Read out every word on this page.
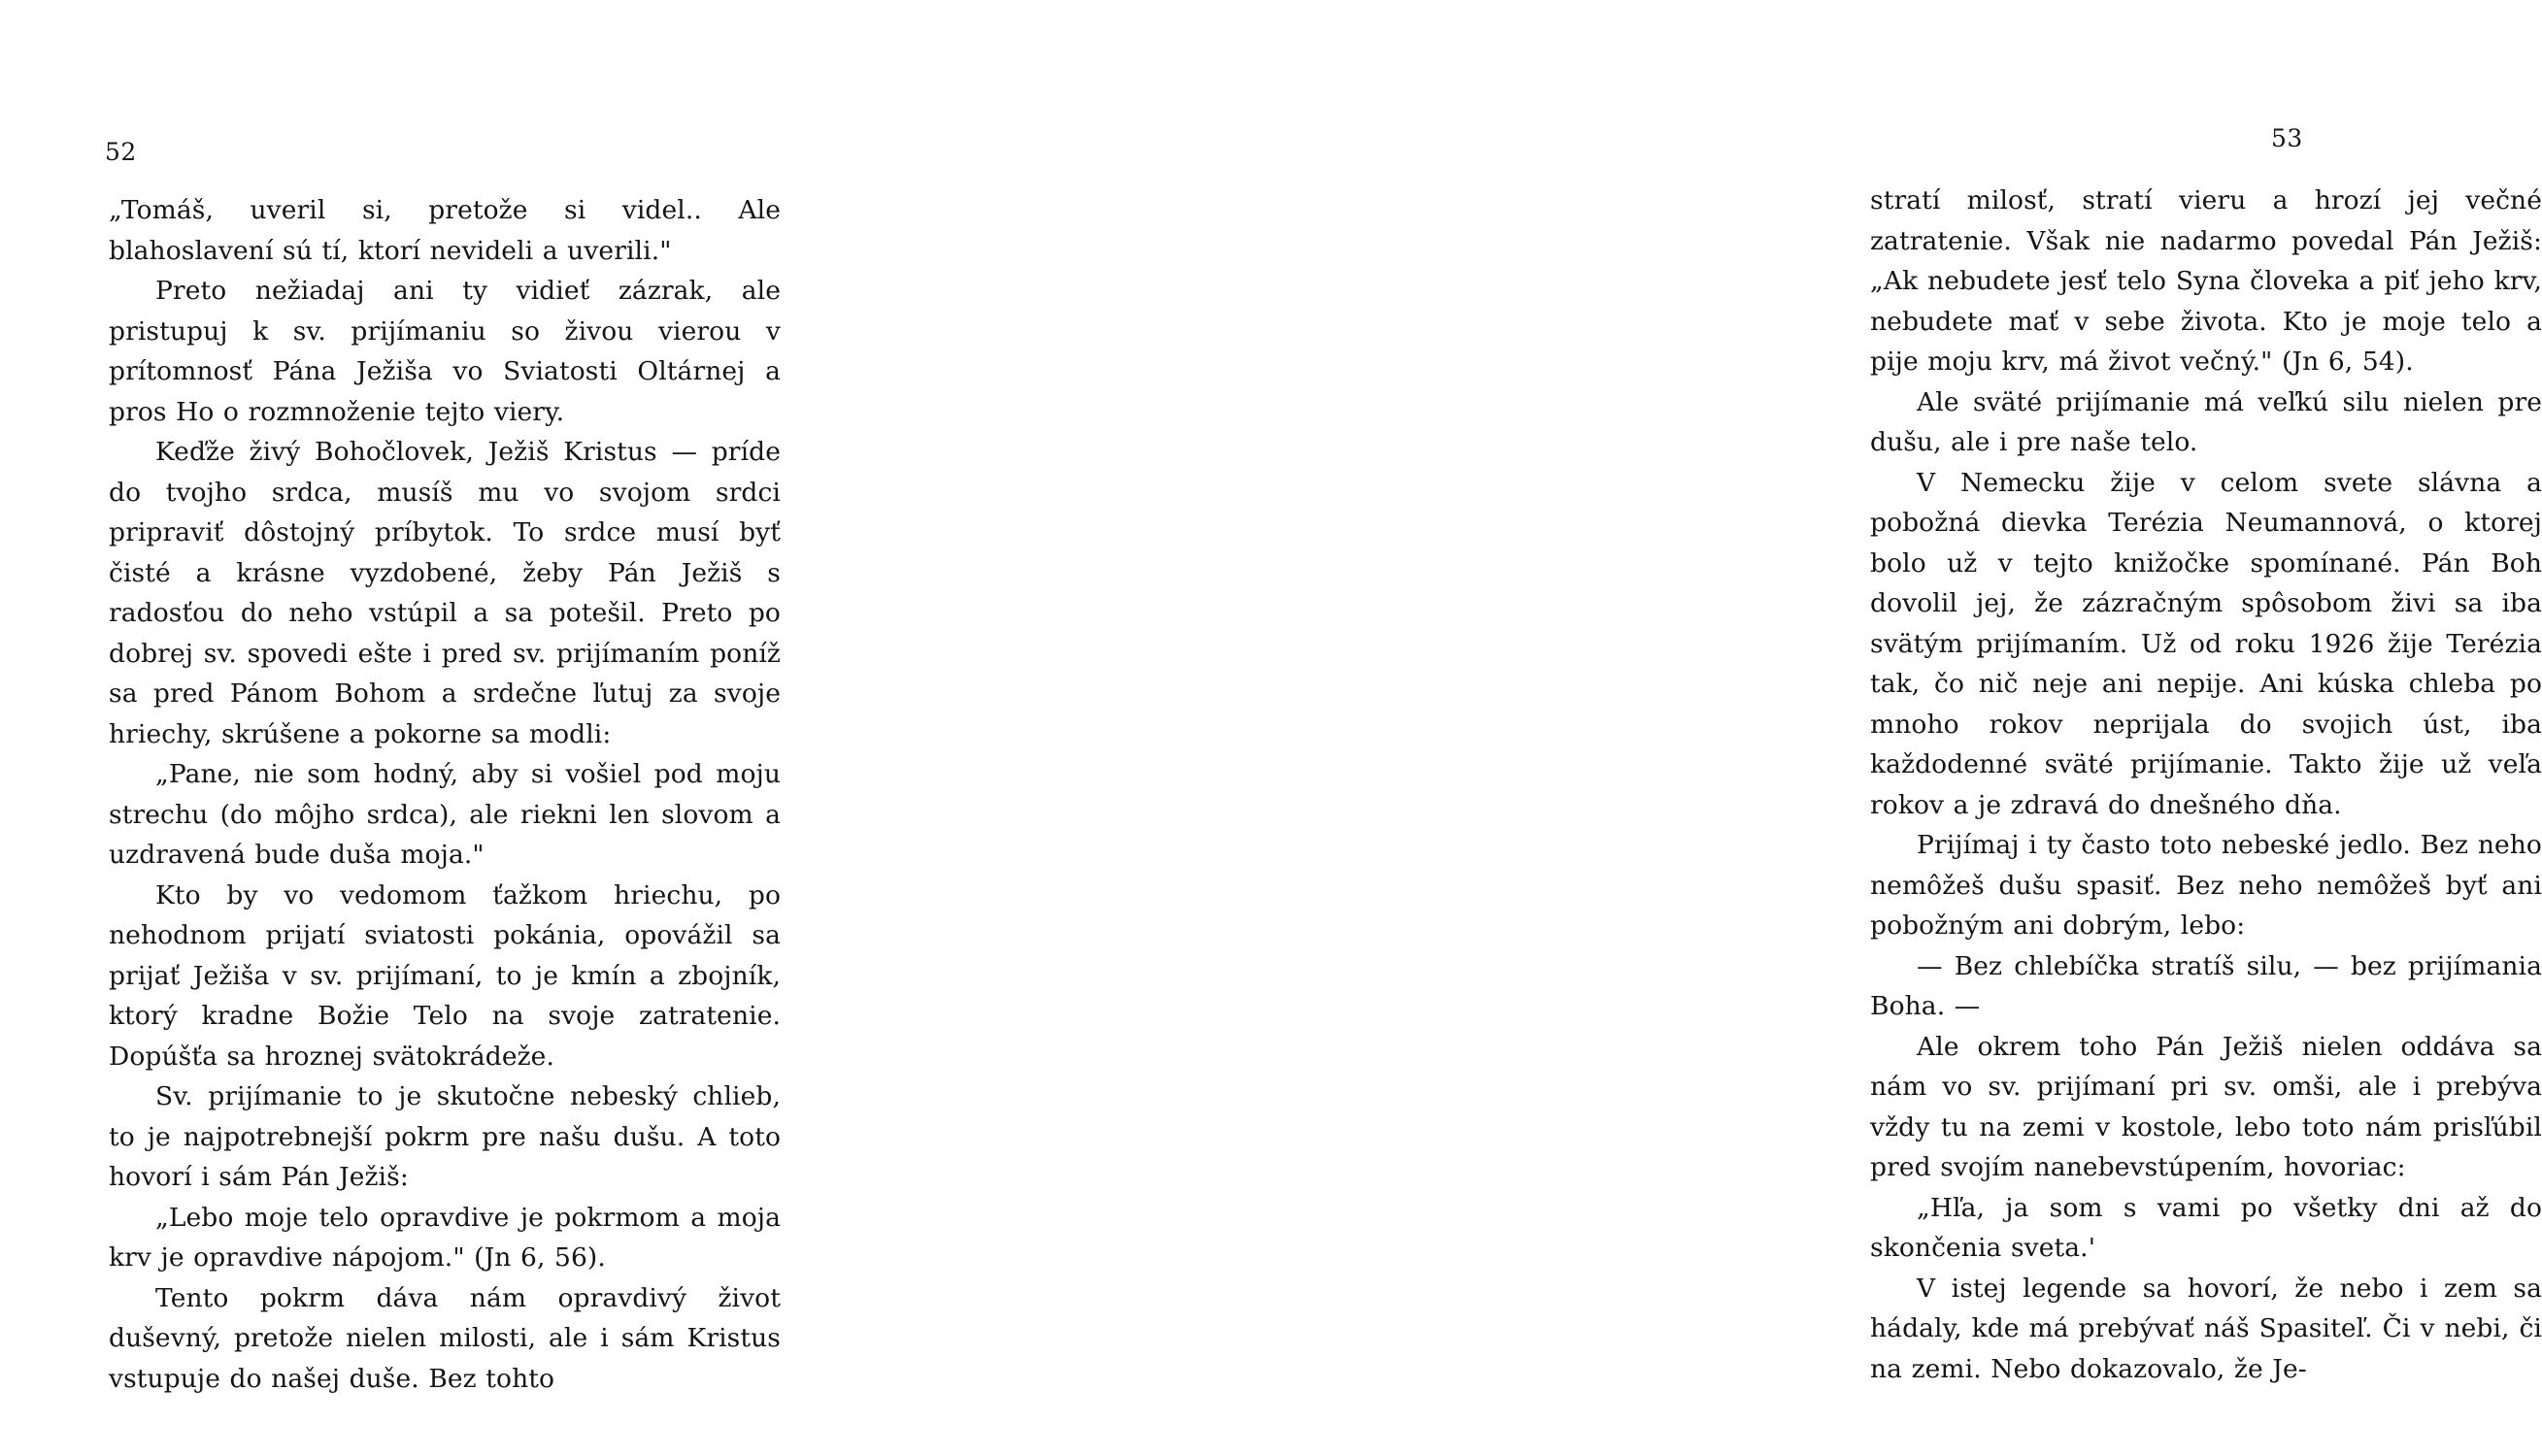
52

„Tomáš, uveril si, pretože si videl.. Ale blahoslavení sú tí, ktorí nevideli a uverili."

Preto nežiadaj ani ty vidieť zázrak, ale pristupuj k sv. prijímaniu so živou vierou v prítomnosť Pána Ježiša vo Sviatosti Oltárnej a pros Ho o rozmnoženie tejto viery.

Keďže živý Bohočlovek, Ježiš Kristus — príde do tvojho srdca, musíš mu vo svojom srdci pripraviť dôstojný príbytok. To srdce musí byť čisté a krásne vyzdobené, žeby Pán Ježiš s radosťou do neho vstúpil a sa potešil. Preto po dobrej sv. spovedi ešte i pred sv. prijímaním poníž sa pred Pánom Bohom a srdečne ľutuj za svoje hriechy, skrúšene a pokorne sa modli:

„Pane, nie som hodný, aby si vošiel pod moju strechu (do môjho srdca), ale riekni len slovom a uzdravená bude duša moja."

Kto by vo vedomom ťažkom hriechu, po nehodnom prijatí sviatosti pokánia, opovážil sa prijať Ježiša v sv. prijímaní, to je kmín a zbojník, ktorý kradne Božie Telo na svoje zatratenie. Dopúšťa sa hroznej svätokrádeže.

Sv. prijímanie to je skutočne nebeský chlieb, to je najpotrebnejší pokrm pre našu dušu. A toto hovorí i sám Pán Ježiš:

„Lebo moje telo opravdive je pokrmom a moja krv je opravdive nápojom." (Jn 6, 56).

Tento pokrm dáva nám opravdivý život duševný, pretože nielen milosti, ale i sám Kristus vstupuje do našej duše. Bez tohto

53

stratí milosť, stratí vieru a hrozí jej večné zatratenie. Však nie nadarmo povedal Pán Ježiš: „Ak nebudete jesť telo Syna človeka a piť jeho krv, nebudete mať v sebe života. Kto je moje telo a pije moju krv, má život večný." (Jn 6, 54).

Ale sväté prijímanie má veľkú silu nielen pre dušu, ale i pre naše telo.

V Nemecku žije v celom svete slávna a pobožná dievka Terézia Neumannová, o ktorej bolo už v tejto knižočke spomínané. Pán Boh dovolil jej, že zázračným spôsobom živi sa iba svätým prijímaním. Už od roku 1926 žije Terézia tak, čo nič neje ani nepije. Ani kúska chleba po mnoho rokov neprijala do svojich úst, iba každodenné sväté prijímanie. Takto žije už veľa rokov a je zdravá do dnešného dňa.

Prijímaj i ty často toto nebeské jedlo. Bez neho nemôžeš dušu spasiť. Bez neho nemôžeš byť ani pobožným ani dobrým, lebo:

— Bez chlebíčka stratíš silu, — bez prijímania Boha. —

Ale okrem toho Pán Ježiš nielen oddáva sa nám vo sv. prijímaní pri sv. omši, ale i prebýva vždy tu na zemi v kostole, lebo toto nám prisľúbil pred svojím nanebevstúpením, hovoriac:

„Hľa, ja som s vami po všetky dni až do skončenia sveta.'

V istej legende sa hovorí, že nebo i zem sa hádaly, kde má prebývať náš Spasiteľ. Či v nebi, či na zemi. Nebo dokazovalo, že Je-
